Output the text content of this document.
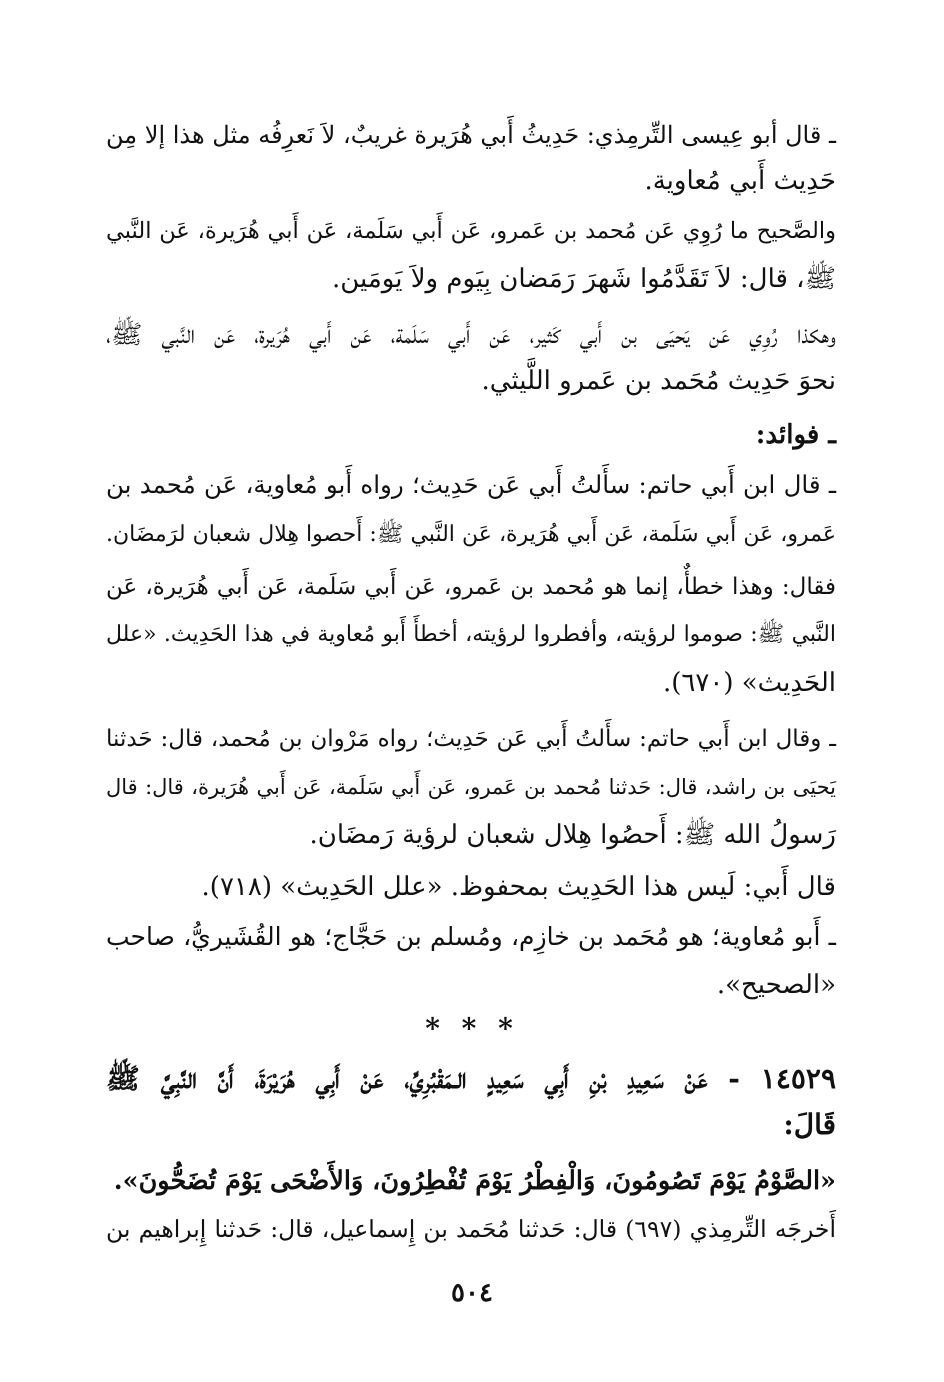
ـ قال أبو عِيسى التِّرمِذي: حَدِيثُ أَبي هُرَيرة غريبٌ، لاَ نَعرِفُه مثل هذا إلا مِن
حَدِيث أَبي مُعاوية.
والصَّحيح ما رُوِي عَن مُحمد بن عَمرو، عَن أَبي سَلَمة، عَن أَبي هُرَيرة، عَن النَّبي
ﷺ، قال: لاَ تَقَدَّمُوا شَهرَ رَمَضان بِيَوم ولاَ يَومَين.
وهكذا رُوِي عَن يَحيَى بن أَبي كَثير، عَن أَبي سَلَمة، عَن أَبي هُرَيرة، عَن النَّبي ﷺ،
نحوَ حَدِيث مُحَمد بن عَمرو اللَّيثي.
ـ فوائد:
ـ قال ابن أَبي حاتم: سأَلتُ أَبي عَن حَدِيث؛ رواه أَبو مُعاوية، عَن مُحمد بن
عَمرو، عَن أَبي سَلَمة، عَن أَبي هُرَيرة، عَن النَّبي ﷺ: أَحصوا هِلال شعبان لرَمضَان.
فقال: وهذا خطأٌ، إنما هو مُحمد بن عَمرو، عَن أَبي سَلَمة، عَن أَبي هُرَيرة، عَن
النَّبي ﷺ: صوموا لرؤيته، وأفطروا لرؤيته، أخطأَ أَبو مُعاوية في هذا الحَدِيث. «علل
الحَدِيث» (٦٧٠).
ـ وقال ابن أَبي حاتم: سأَلتُ أَبي عَن حَدِيث؛ رواه مَرْوان بن مُحمد، قال: حَدثنا
يَحيَى بن راشد، قال: حَدثنا مُحمد بن عَمرو، عَن أَبي سَلَمة، عَن أَبي هُرَيرة، قال: قال
رَسولُ الله ﷺ: أَحصُوا هِلال شعبان لرؤية رَمضَان.
قال أَبي: لَيس هذا الحَدِيث بمحفوظ. «علل الحَدِيث» (٧١٨).
ـ أَبو مُعاوية؛ هو مُحَمد بن خازِم، ومُسلم بن حَجَّاج؛ هو القُشَيريُّ، صاحب
«الصحيح».
* * *
١٤٥٢٩ - عَنْ سَعِيدِ بْنِ أَبِي سَعِيدٍ الـمَقْبُرِيِّ، عَنْ أَبِي هُرَيْرَةَ، أَنَّ النَّبِيَّ ﷺ
قَالَ:
«الصَّوْمُ يَوْمَ تَصُومُونَ، وَالْفِطْرُ يَوْمَ تُفْطِرُونَ، وَالأَضْحَى يَوْمَ تُضَحُّونَ».
أَخرجَه التِّرمِذي (٦٩٧) قال: حَدثنا مُحَمد بن إِسماعيل، قال: حَدثنا إِبراهيم بن
٥٠٤
